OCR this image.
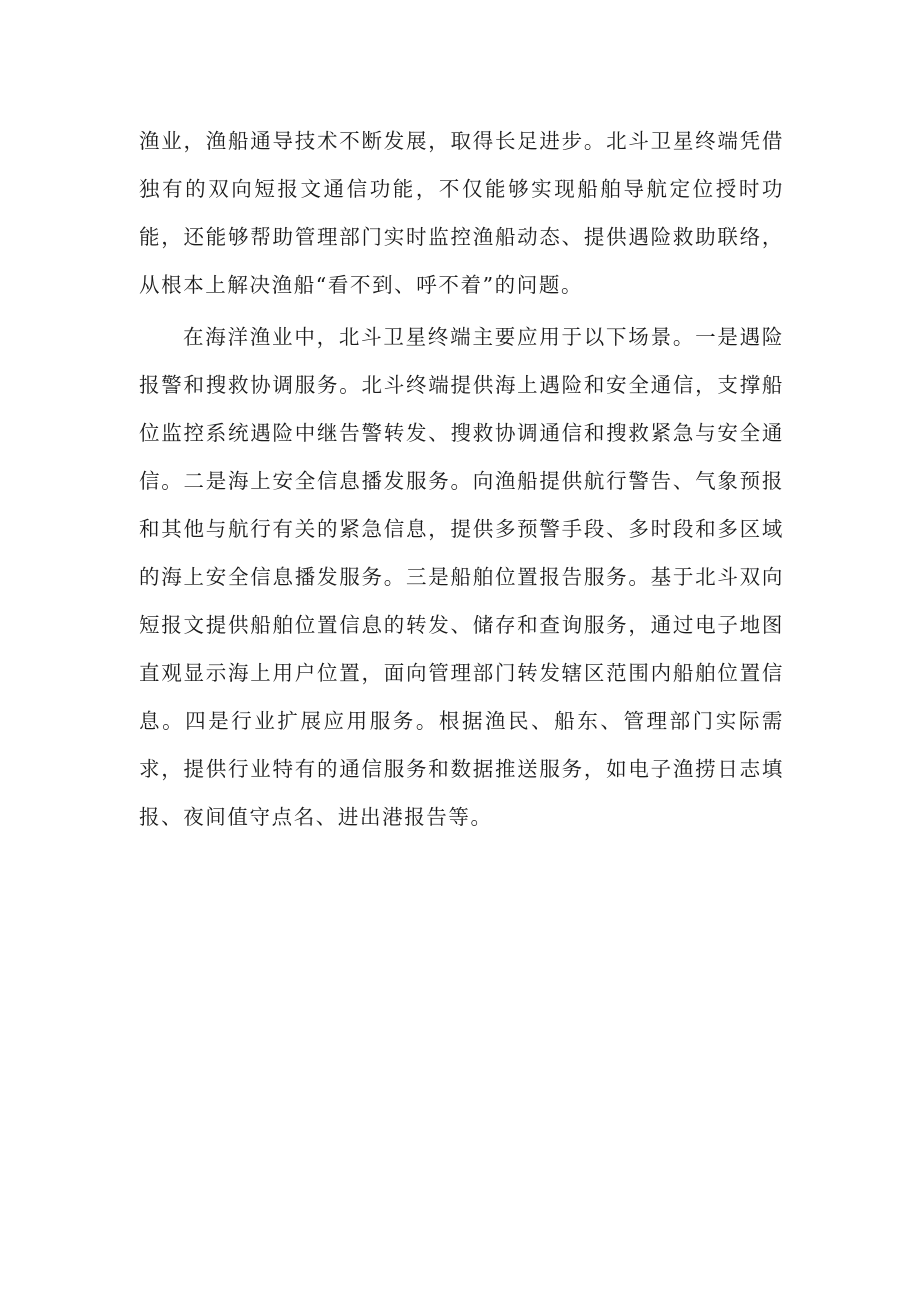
渔业，渔船通导技术不断发展，取得长足进步。北斗卫星终端凭借独有的双向短报文通信功能，不仅能够实现船舶导航定位授时功能，还能够帮助管理部门实时监控渔船动态、提供遇险救助联络，从根本上解决渔船“看不到、呼不着”的问题。

在海洋渔业中，北斗卫星终端主要应用于以下场景。一是遇险报警和搜救协调服务。北斗终端提供海上遇险和安全通信，支撑船位监控系统遇险中继告警转发、搜救协调通信和搜救紧急与安全通信。二是海上安全信息播发服务。向渔船提供航行警告、气象预报和其他与航行有关的紧急信息，提供多预警手段、多时段和多区域的海上安全信息播发服务。三是船舶位置报告服务。基于北斗双向短报文提供船舶位置信息的转发、储存和查询服务，通过电子地图直观显示海上用户位置，面向管理部门转发辖区范围内船舶位置信息。四是行业扩展应用服务。根据渔民、船东、管理部门实际需求，提供行业特有的通信服务和数据推送服务，如电子渔捞日志填报、夜间值守点名、进出港报告等。
